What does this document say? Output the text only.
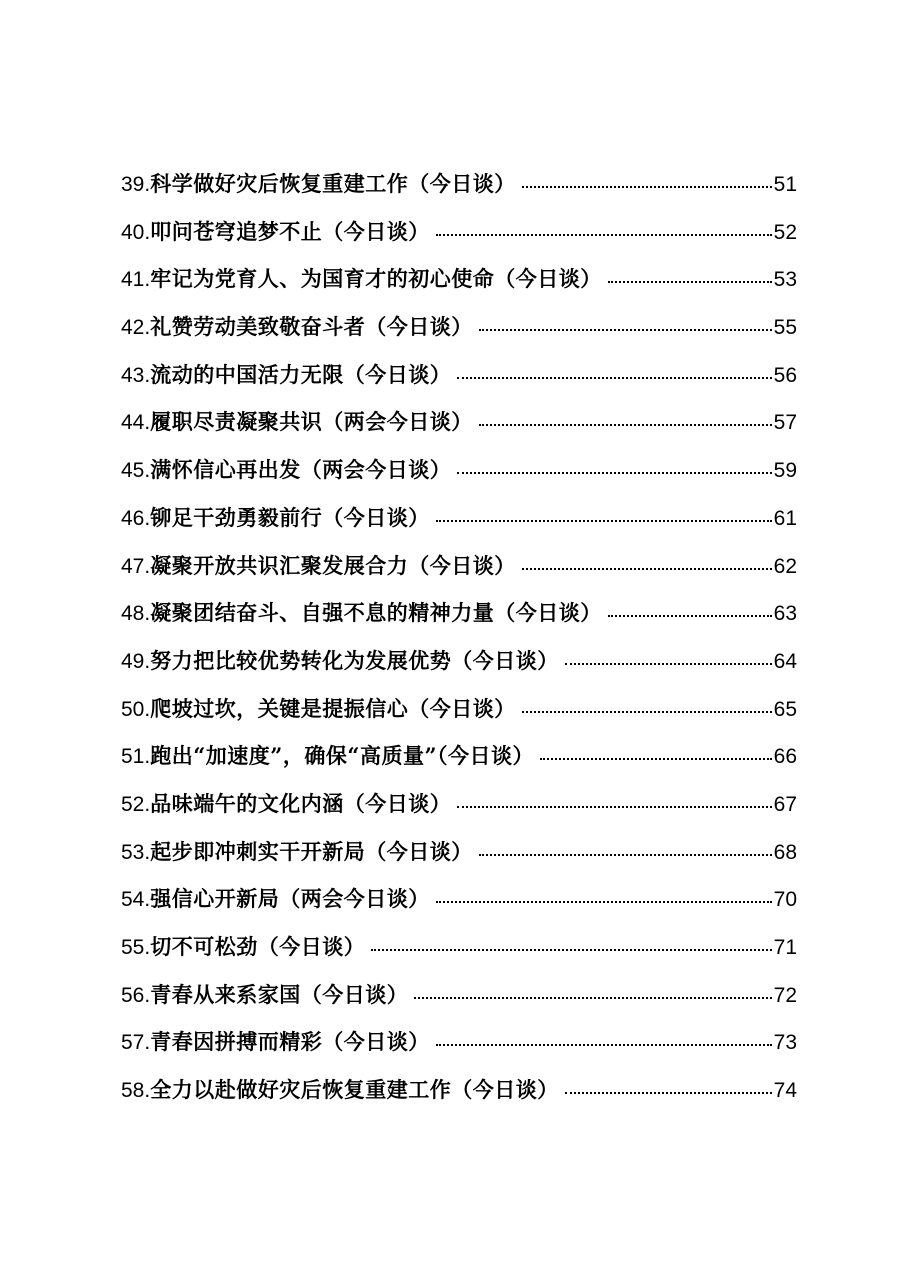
39. 科学做好灾后恢复重建工作（今日谈）	51
40. 叩问苍穹追梦不止（今日谈）	52
41. 牢记为党育人、为国育才的初心使命（今日谈）	53
42. 礼赞劳动美致敬奋斗者（今日谈）	55
43. 流动的中国活力无限（今日谈）	56
44. 履职尽责凝聚共识（两会今日谈）	57
45. 满怀信心再出发（两会今日谈）	59
46. 铆足干劲勇毅前行（今日谈）	61
47. 凝聚开放共识汇聚发展合力（今日谈）	62
48. 凝聚团结奋斗、自强不息的精神力量（今日谈）	63
49. 努力把比较优势转化为发展优势（今日谈）	64
50. 爬坡过坎，关键是提振信心（今日谈）	65
51. 跑出“加速度”，确保“高质量”（今日谈）	66
52. 品味端午的文化内涵（今日谈）	67
53. 起步即冲刺实干开新局（今日谈）	68
54. 强信心开新局（两会今日谈）	70
55. 切不可松劲（今日谈）	71
56. 青春从来系家国（今日谈）	72
57. 青春因拼搏而精彩（今日谈）	73
58. 全力以赴做好灾后恢复重建工作（今日谈）	74
